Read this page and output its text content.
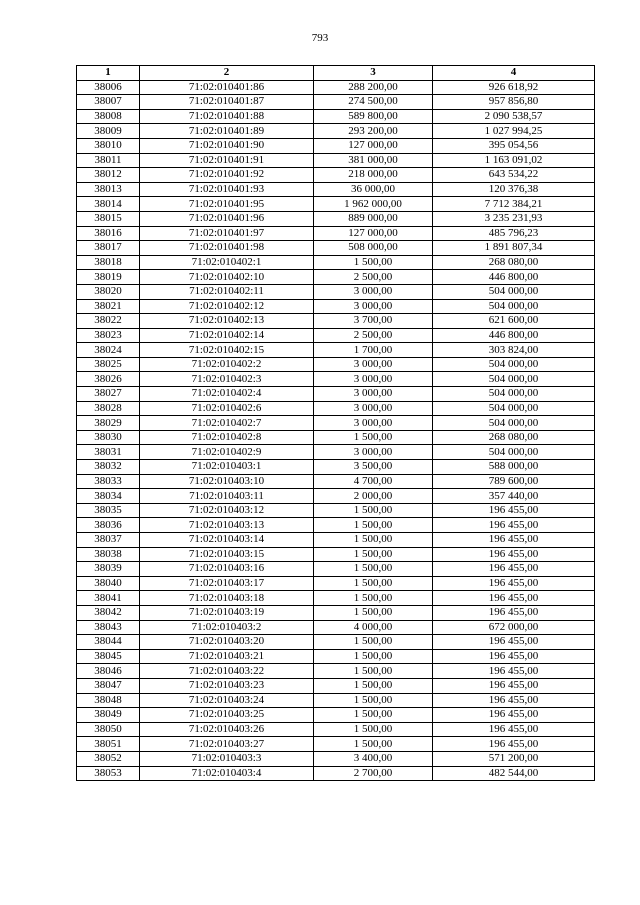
793
1	2	3	4
38006	71:02:010401:86	288 200,00	926 618,92
38007	71:02:010401:87	274 500,00	957 856,80
38008	71:02:010401:88	589 800,00	2 090 538,57
38009	71:02:010401:89	293 200,00	1 027 994,25
38010	71:02:010401:90	127 000,00	395 054,56
38011	71:02:010401:91	381 000,00	1 163 091,02
38012	71:02:010401:92	218 000,00	643 534,22
38013	71:02:010401:93	36 000,00	120 376,38
38014	71:02:010401:95	1 962 000,00	7 712 384,21
38015	71:02:010401:96	889 000,00	3 235 231,93
38016	71:02:010401:97	127 000,00	485 796,23
38017	71:02:010401:98	508 000,00	1 891 807,34
38018	71:02:010402:1	1 500,00	268 080,00
38019	71:02:010402:10	2 500,00	446 800,00
38020	71:02:010402:11	3 000,00	504 000,00
38021	71:02:010402:12	3 000,00	504 000,00
38022	71:02:010402:13	3 700,00	621 600,00
38023	71:02:010402:14	2 500,00	446 800,00
38024	71:02:010402:15	1 700,00	303 824,00
38025	71:02:010402:2	3 000,00	504 000,00
38026	71:02:010402:3	3 000,00	504 000,00
38027	71:02:010402:4	3 000,00	504 000,00
38028	71:02:010402:6	3 000,00	504 000,00
38029	71:02:010402:7	3 000,00	504 000,00
38030	71:02:010402:8	1 500,00	268 080,00
38031	71:02:010402:9	3 000,00	504 000,00
38032	71:02:010403:1	3 500,00	588 000,00
38033	71:02:010403:10	4 700,00	789 600,00
38034	71:02:010403:11	2 000,00	357 440,00
38035	71:02:010403:12	1 500,00	196 455,00
38036	71:02:010403:13	1 500,00	196 455,00
38037	71:02:010403:14	1 500,00	196 455,00
38038	71:02:010403:15	1 500,00	196 455,00
38039	71:02:010403:16	1 500,00	196 455,00
38040	71:02:010403:17	1 500,00	196 455,00
38041	71:02:010403:18	1 500,00	196 455,00
38042	71:02:010403:19	1 500,00	196 455,00
38043	71:02:010403:2	4 000,00	672 000,00
38044	71:02:010403:20	1 500,00	196 455,00
38045	71:02:010403:21	1 500,00	196 455,00
38046	71:02:010403:22	1 500,00	196 455,00
38047	71:02:010403:23	1 500,00	196 455,00
38048	71:02:010403:24	1 500,00	196 455,00
38049	71:02:010403:25	1 500,00	196 455,00
38050	71:02:010403:26	1 500,00	196 455,00
38051	71:02:010403:27	1 500,00	196 455,00
38052	71:02:010403:3	3 400,00	571 200,00
38053	71:02:010403:4	2 700,00	482 544,00
